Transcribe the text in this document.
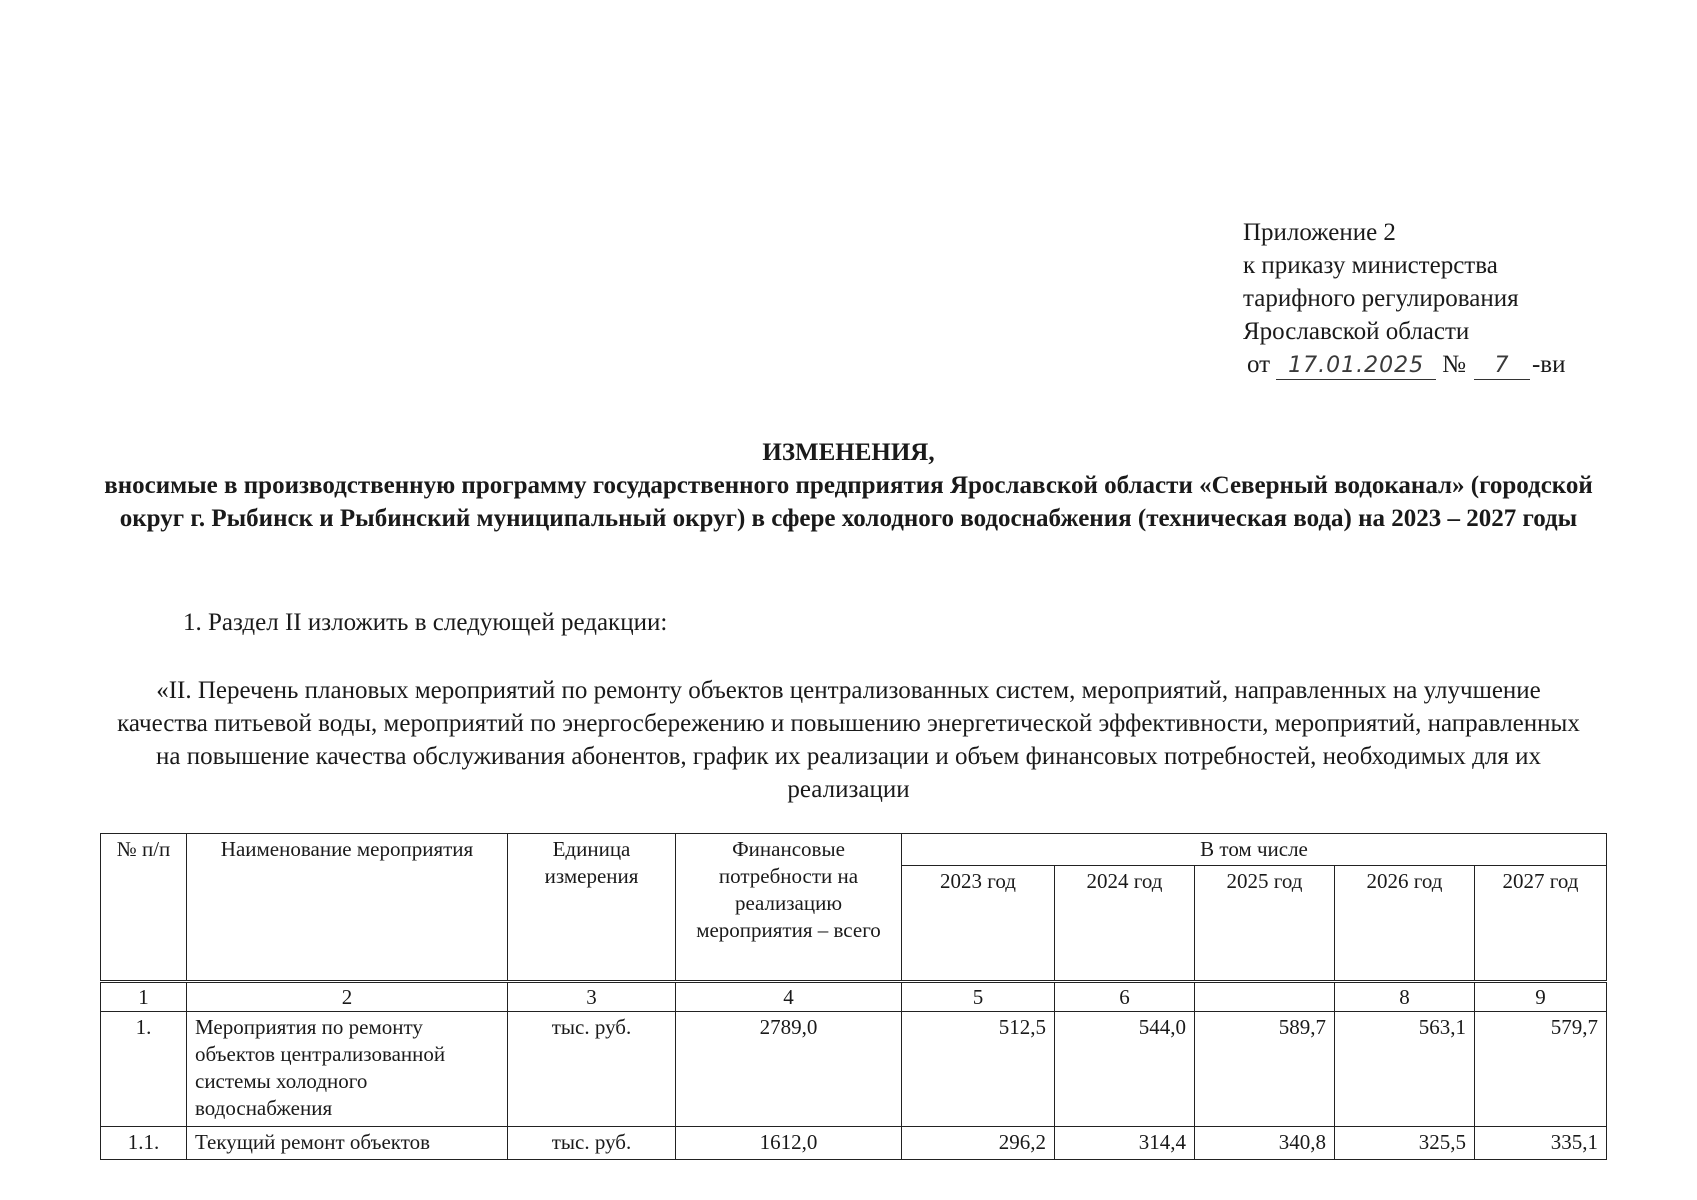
Приложение 2
к приказу министерства
тарифного регулирования
Ярославской области
от 17.01.2025 № 7 -ви
ИЗМЕНЕНИЯ,
вносимые в производственную программу государственного предприятия Ярославской области «Северный водоканал» (городской округ г. Рыбинск и Рыбинский муниципальный округ) в сфере холодного водоснабжения (техническая вода) на 2023 – 2027 годы
1. Раздел II изложить в следующей редакции:
«II. Перечень плановых мероприятий по ремонту объектов централизованных систем, мероприятий, направленных на улучшение качества питьевой воды, мероприятий по энергосбережению и повышению энергетической эффективности, мероприятий, направленных на повышение качества обслуживания абонентов, график их реализации и объем финансовых потребностей, необходимых для их реализации
№ п/п	Наименование мероприятия	Единица измерения	Финансовые потребности на реализацию мероприятия – всего	В том числе				
				2023 год	2024 год	2025 год	2026 год	2027 год
1	2	3	4	5	6		8	9
1.	Мероприятия по ремонту объектов централизованной системы холодного водоснабжения	тыс. руб.	2789,0	512,5	544,0	589,7	563,1	579,7
1.1.	Текущий ремонт объектов	тыс. руб.	1612,0	296,2	314,4	340,8	325,5	335,1
